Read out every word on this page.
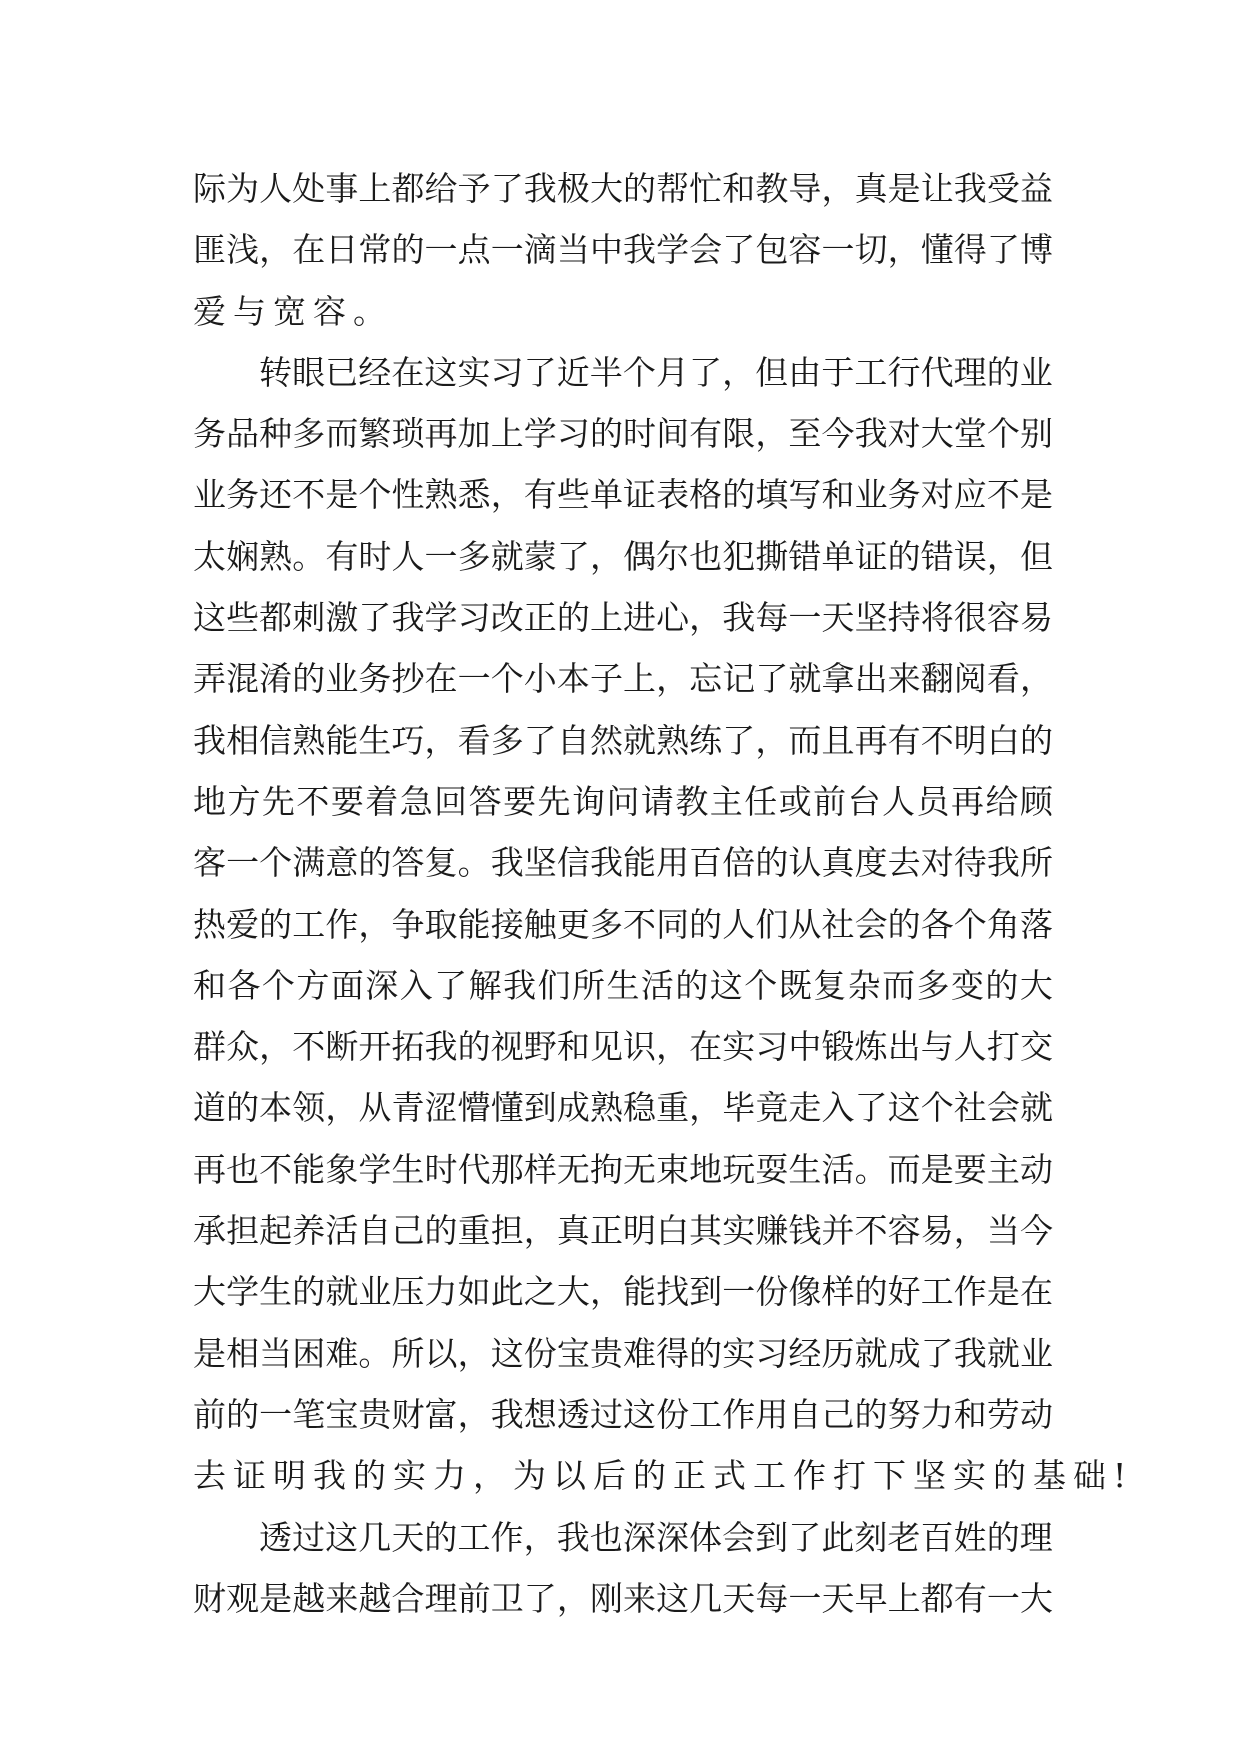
际 为 人 处 事 上 都 给 予 了 我 极 大 的 帮 忙 和 教 导 ， 真 是 让 我 受 益
匪 浅 ， 在 日 常 的 一 点 一 滴 当 中 我 学 会 了 包 容 一 切 ， 懂 得 了 博
爱与宽容。
转 眼 已 经 在 这 实 习 了 近 半 个 月 了 ， 但 由 于 工 行 代 理 的 业
务 品 种 多 而 繁 琐 再 加 上 学 习 的 时 间 有 限 ， 至 今 我 对 大 堂 个 别
业 务 还 不 是 个 性 熟 悉 ， 有 些 单 证 表 格 的 填 写 和 业 务 对 应 不 是
太 娴 熟 。 有 时 人 一 多 就 蒙 了 ， 偶 尔 也 犯 撕 错 单 证 的 错 误 ， 但
这 些 都 刺 激 了 我 学 习 改 正 的 上 进 心 ， 我 每 一 天 坚 持 将 很 容 易
弄 混 淆 的 业 务 抄 在 一 个 小 本 子 上 ， 忘 记 了 就 拿 出 来 翻 阅 看 ，
我 相 信 熟 能 生 巧 ， 看 多 了 自 然 就 熟 练 了 ， 而 且 再 有 不 明 白 的
地 方 先 不 要 着 急 回 答 要 先 询 问 请 教 主 任 或 前 台 人 员 再 给 顾
客 一 个 满 意 的 答 复 。 我 坚 信 我 能 用 百 倍 的 认 真 度 去 对 待 我 所
热 爱 的 工 作 ， 争 取 能 接 触 更 多 不 同 的 人 们 从 社 会 的 各 个 角 落
和 各 个 方 面 深 入 了 解 我 们 所 生 活 的 这 个 既 复 杂 而 多 变 的 大
群 众 ， 不 断 开 拓 我 的 视 野 和 见 识 ， 在 实 习 中 锻 炼 出 与 人 打 交
道 的 本 领 ， 从 青 涩 懵 懂 到 成 熟 稳 重 ， 毕 竟 走 入 了 这 个 社 会 就
再 也 不 能 象 学 生 时 代 那 样 无 拘 无 束 地 玩 耍 生 活 。 而 是 要 主 动
承 担 起 养 活 自 己 的 重 担 ， 真 正 明 白 其 实 赚 钱 并 不 容 易 ， 当 今
大 学 生 的 就 业 压 力 如 此 之 大 ， 能 找 到 一 份 像 样 的 好 工 作 是 在
是 相 当 困 难 。 所 以 ， 这 份 宝 贵 难 得 的 实 习 经 历 就 成 了 我 就 业
前 的 一 笔 宝 贵 财 富 ， 我 想 透 过 这 份 工 作 用 自 己 的 努 力 和 劳 动
去证明我的实力，为以后的正式工作打下坚实的基础!
透 过 这 几 天 的 工 作 ， 我 也 深 深 体 会 到 了 此 刻 老 百 姓 的 理
财 观 是 越 来 越 合 理 前 卫 了 ， 刚 来 这 几 天 每 一 天 早 上 都 有 一 大
